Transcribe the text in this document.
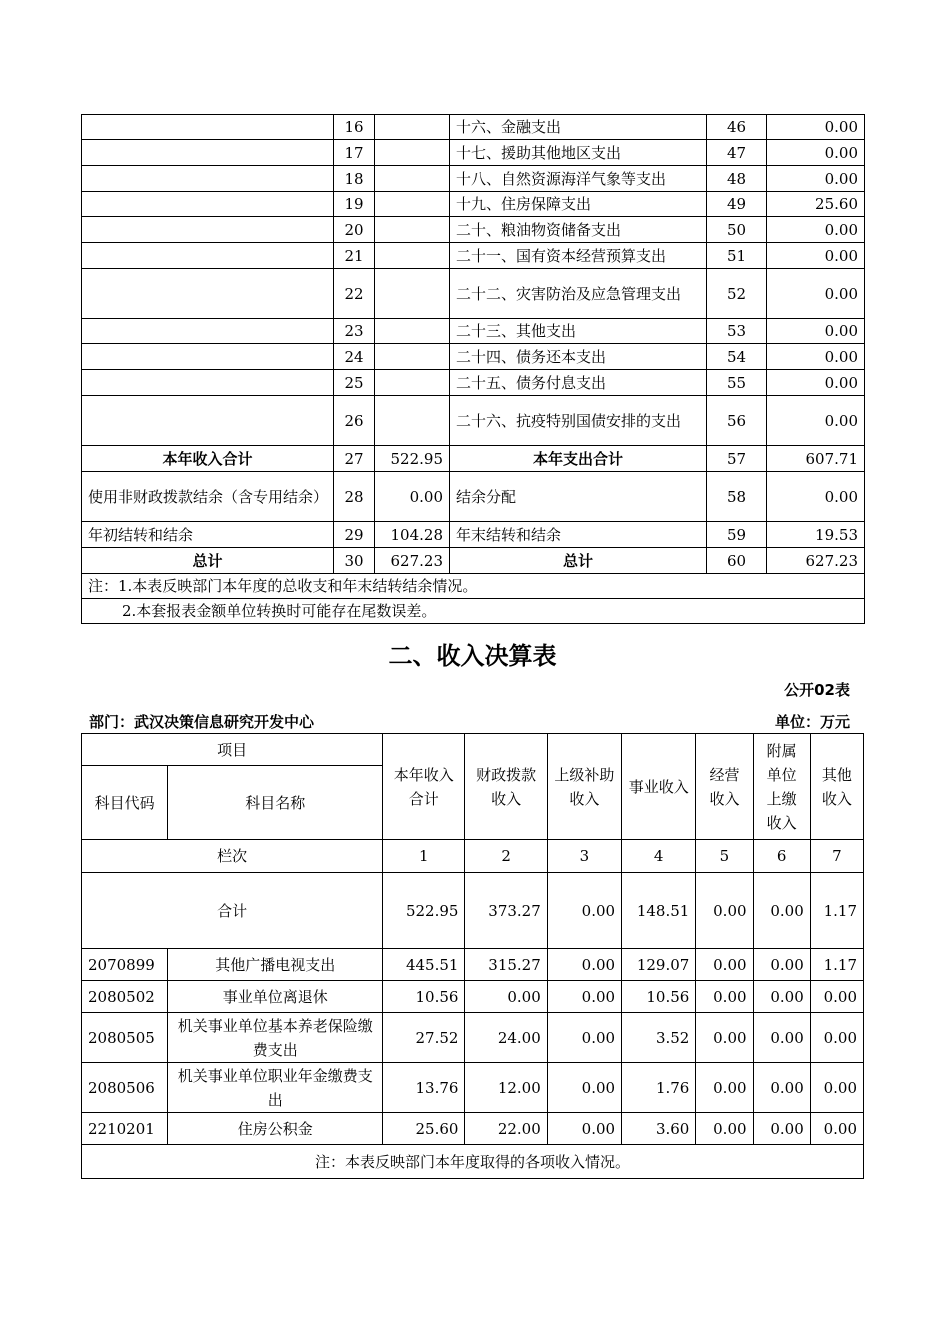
	16		十六、金融支出	46	0.00
	17		十七、援助其他地区支出	47	0.00
	18		十八、自然资源海洋气象等支出	48	0.00
	19		十九、住房保障支出	49	25.60
	20		二十、粮油物资储备支出	50	0.00
	21		二十一、国有资本经营预算支出	51	0.00
	22		二十二、灾害防治及应急管理支出	52	0.00
	23		二十三、其他支出	53	0.00
	24		二十四、债务还本支出	54	0.00
	25		二十五、债务付息支出	55	0.00
	26		二十六、抗疫特别国债安排的支出	56	0.00
本年收入合计	27	522.95	本年支出合计	57	607.71
使用非财政拨款结余（含专用结余）	28	0.00	结余分配	58	0.00
年初结转和结余	29	104.28	年末结转和结余	59	19.53
总计	30	627.23	总计	60	627.23
注：1.本表反映部门本年度的总收支和年末结转结余情况。					
2.本套报表金额单位转换时可能存在尾数误差。					
二、收入决算表
公开02表
部门：武汉决策信息研究开发中心	单位：万元
项目		本年收入合计	财政拨款收入	上级补助收入	事业收入	经营收入	附属单位上缴收入	其他收入
科目代码	科目名称							
栏次		1	2	3	4	5	6	7
合计		522.95	373.27	0.00	148.51	0.00	0.00	1.17
2070899	其他广播电视支出	445.51	315.27	0.00	129.07	0.00	0.00	1.17
2080502	事业单位离退休	10.56	0.00	0.00	10.56	0.00	0.00	0.00
2080505	机关事业单位基本养老保险缴费支出	27.52	24.00	0.00	3.52	0.00	0.00	0.00
2080506	机关事业单位职业年金缴费支出	13.76	12.00	0.00	1.76	0.00	0.00	0.00
2210201	住房公积金	25.60	22.00	0.00	3.60	0.00	0.00	0.00
注：本表反映部门本年度取得的各项收入情况。								
